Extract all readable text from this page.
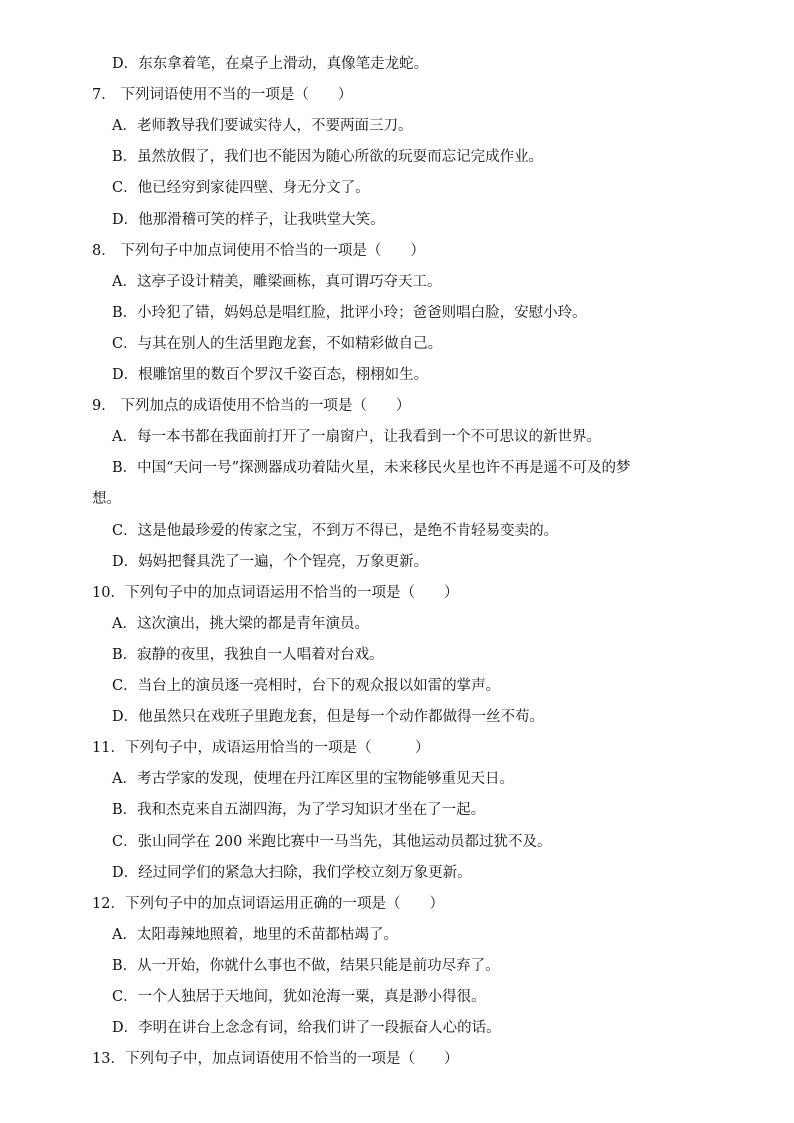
D．东东拿着笔，在桌子上滑动，真像笔走龙蛇。
7． 下列词语使用不当的一项是（　　）
A．老师教导我们要诚实待人，不要两面三刀。
B．虽然放假了，我们也不能因为随心所欲的玩耍而忘记完成作业。
C．他已经穷到家徒四壁、身无分文了。
D．他那滑稽可笑的样子，让我哄堂大笑。
8． 下列句子中加点词使用不恰当的一项是（　　）
A．这亭子设计精美，雕梁画栋，真可谓巧夺天工。
B．小玲犯了错，妈妈总是唱红脸，批评小玲；爸爸则唱白脸，安慰小玲。
C．与其在别人的生活里跑龙套，不如精彩做自己。
D．根雕馆里的数百个罗汉千姿百态，栩栩如生。
9． 下列加点的成语使用不恰当的一项是（　　）
A．每一本书都在我面前打开了一扇窗户，让我看到一个不可思议的新世界。
B．中国“天问一号”探测器成功着陆火星，未来移民火星也许不再是遥不可及的梦
想。
C．这是他最珍爱的传家之宝，不到万不得已，是绝不肯轻易变卖的。
D．妈妈把餐具洗了一遍，个个锃亮，万象更新。
10．下列句子中的加点词语运用不恰当的一项是（　　）
A．这次演出，挑大梁的都是青年演员。
B．寂静的夜里，我独自一人唱着对台戏。
C．当台上的演员逐一亮相时，台下的观众报以如雷的掌声。
D．他虽然只在戏班子里跑龙套，但是每一个动作都做得一丝不苟。
11．下列句子中，成语运用恰当的一项是（　　　）
A．考古学家的发现，使埋在丹江库区里的宝物能够重见天日。
B．我和杰克来自五湖四海，为了学习知识才坐在了一起。
C．张山同学在 200 米跑比赛中一马当先，其他运动员都过犹不及。
D．经过同学们的紧急大扫除，我们学校立刻万象更新。
12．下列句子中的加点词语运用正确的一项是（　　）
A．太阳毒辣地照着，地里的禾苗都枯竭了。
B．从一开始，你就什么事也不做，结果只能是前功尽弃了。
C．一个人独居于天地间，犹如沧海一粟，真是渺小得很。
D．李明在讲台上念念有词，给我们讲了一段振奋人心的话。
13．下列句子中，加点词语使用不恰当的一项是（　　）
